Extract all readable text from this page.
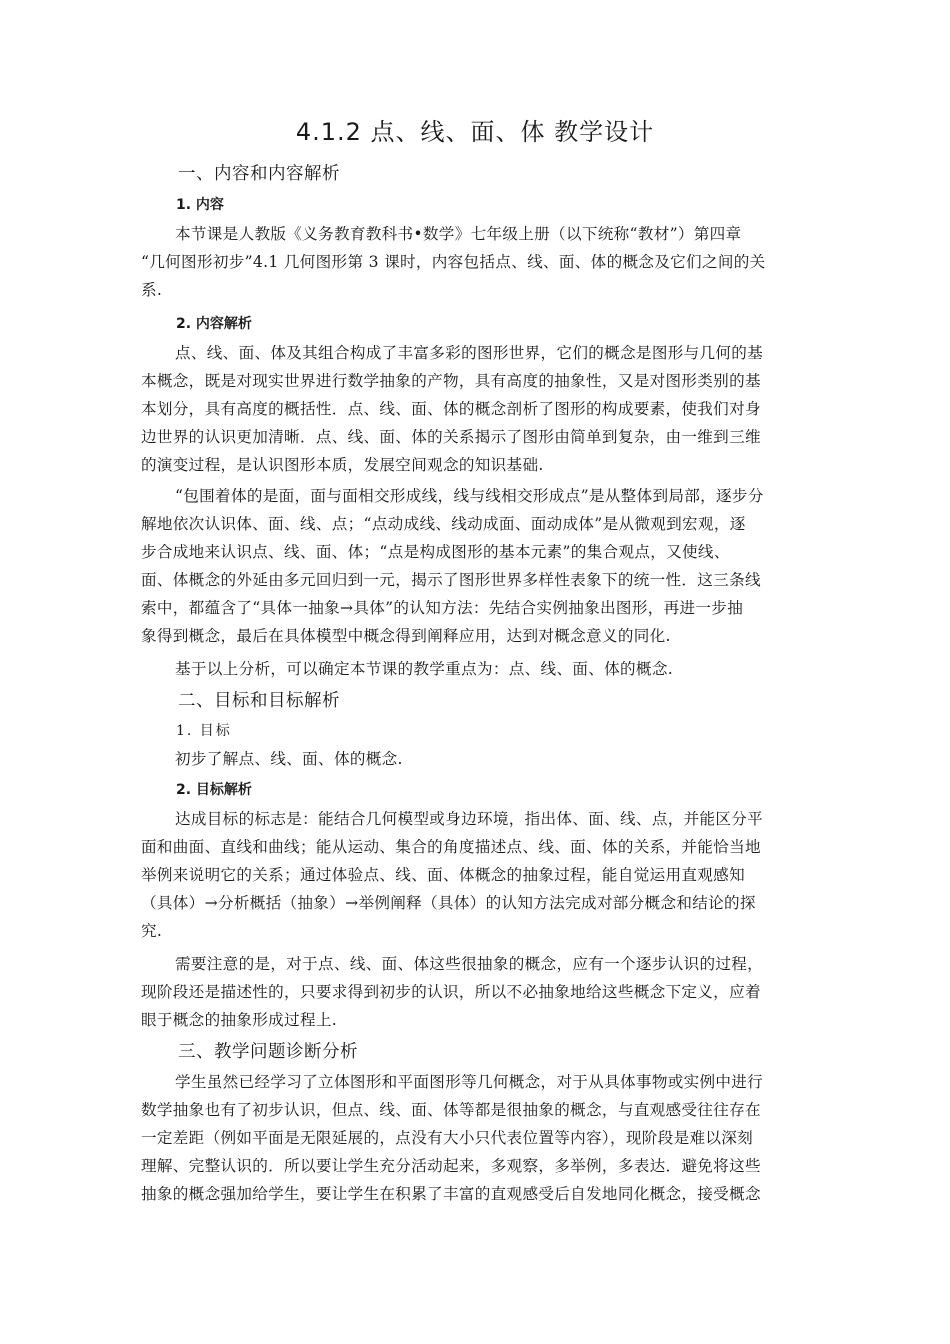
4.1.2 点、线、面、体 教学设计
一、内容和内容解析
1. 内容
本节课是人教版《义务教育教科书•数学》七年级上册（以下统称“教材”）第四章
“几何图形初步”4.1 几何图形第 3 课时，内容包括点、线、面、体的概念及它们之间的关
系.
2. 内容解析
点、线、面、体及其组合构成了丰富多彩的图形世界，它们的概念是图形与几何的基
本概念，既是对现实世界进行数学抽象的产物，具有高度的抽象性，又是对图形类别的基
本划分，具有高度的概括性．点、线、面、体的概念剖析了图形的构成要素，使我们对身
边世界的认识更加清晰．点、线、面、体的关系揭示了图形由简单到复杂，由一维到三维
的演变过程，是认识图形本质，发展空间观念的知识基础.
“包围着体的是面，面与面相交形成线，线与线相交形成点”是从整体到局部，逐步分
解地依次认识体、面、线、点；“点动成线、线动成面、面动成体”是从微观到宏观，逐
步合成地来认识点、线、面、体；“点是构成图形的基本元素”的集合观点，又使线、
面、体概念的外延由多元回归到一元，揭示了图形世界多样性表象下的统一性．这三条线
索中，都蕴含了“具体一抽象→具体”的认知方法：先结合实例抽象出图形，再进一步抽
象得到概念，最后在具体模型中概念得到阐释应用，达到对概念意义的同化.
基于以上分析，可以确定本节课的教学重点为：点、线、面、体的概念.
二、目标和目标解析
1. 目标
初步了解点、线、面、体的概念.
2. 目标解析
达成目标的标志是：能结合几何模型或身边环境，指出体、面、线、点，并能区分平
面和曲面、直线和曲线；能从运动、集合的角度描述点、线、面、体的关系，并能恰当地
举例来说明它的关系；通过体验点、线、面、体概念的抽象过程，能自觉运用直观感知
（具体）→分析概括（抽象）→举例阐释（具体）的认知方法完成对部分概念和结论的探
究.
需要注意的是，对于点、线、面、体这些很抽象的概念，应有一个逐步认识的过程，
现阶段还是描述性的，只要求得到初步的认识，所以不必抽象地给这些概念下定义，应着
眼于概念的抽象形成过程上.
三、教学问题诊断分析
学生虽然已经学习了立体图形和平面图形等几何概念，对于从具体事物或实例中进行
数学抽象也有了初步认识，但点、线、面、体等都是很抽象的概念，与直观感受往往存在
一定差距（例如平面是无限延展的，点没有大小只代表位置等内容），现阶段是难以深刻
理解、完整认识的．所以要让学生充分活动起来，多观察，多举例，多表达．避免将这些
抽象的概念强加给学生，要让学生在积累了丰富的直观感受后自发地同化概念，接受概念
